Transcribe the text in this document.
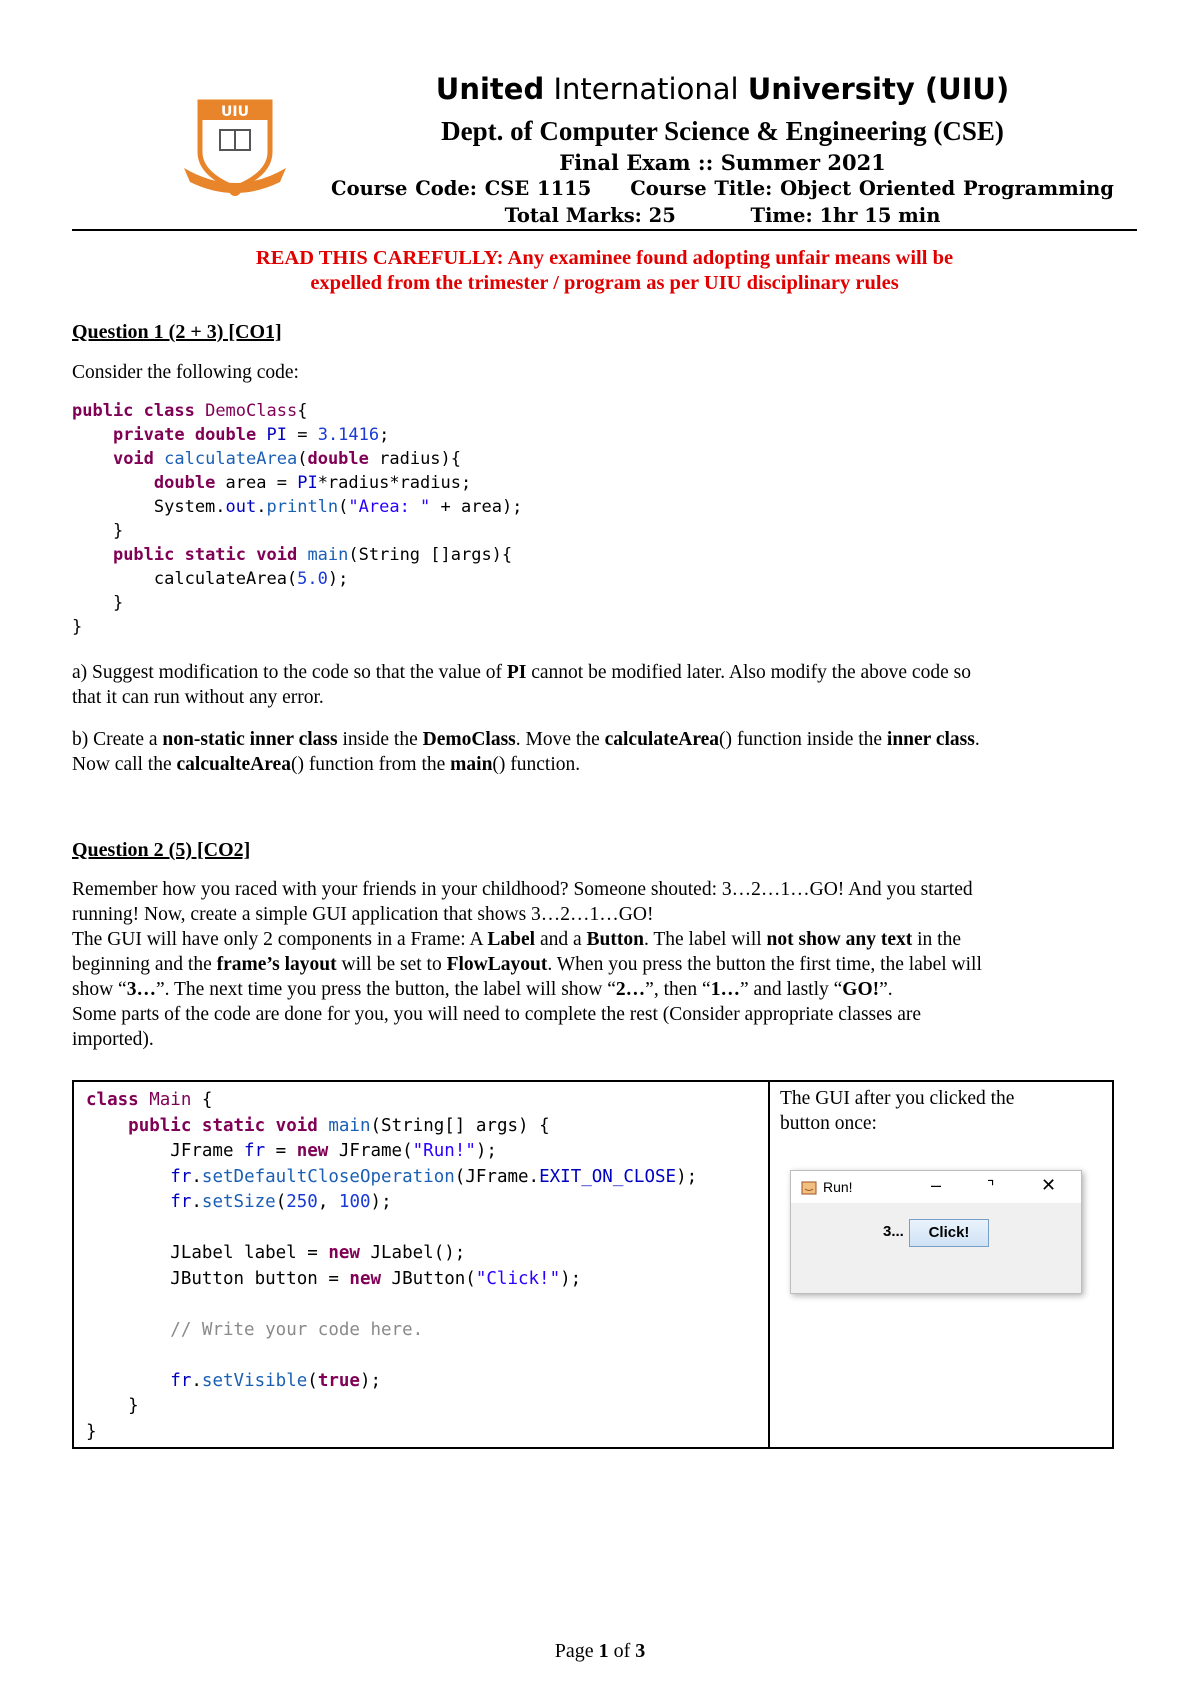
UIU
United International University (UIU)
Dept. of Computer Science & Engineering (CSE)
Final Exam :: Summer 2021
Course Code: CSE 1115 Course Title: Object Oriented Programming
Total Marks: 25	Time: 1hr 15 min
READ THIS CAREFULLY: Any examinee found adopting unfair means will be
expelled from the trimester / program as per UIU disciplinary rules
Question 1 (2 + 3) [CO1]
Consider the following code:
public class DemoClass{
private double PI = 3.1416;
void calculateArea(double radius){
double area = PI*radius*radius;
System.out.println("Area: " + area);
}
public static void main(String []args){
calculateArea(5.0);
}
}
a) Suggest modification to the code so that the value of PI cannot be modified later. Also modify the above code so
that it can run without any error.
b) Create a non-static inner class inside the DemoClass. Move the calculateArea() function inside the inner class.
Now call the calcualteArea() function from the main() function.
Question 2 (5) [CO2]
Remember how you raced with your friends in your childhood? Someone shouted: 3…2…1…GO! And you started
running! Now, create a simple GUI application that shows 3…2…1…GO!
The GUI will have only 2 components in a Frame: A Label and a Button. The label will not show any text in the
beginning and the frame’s layout will be set to FlowLayout. When you press the button the first time, the label will
show “3…”. The next time you press the button, the label will show “2…”, then “1…” and lastly “GO!”.
Some parts of the code are done for you, you will need to complete the rest (Consider appropriate classes are
imported).

class Main {
public static void main(String[] args) {
JFrame fr = new JFrame("Run!");
fr.setDefaultCloseOperation(JFrame.EXIT_ON_CLOSE);
fr.setSize(250, 100);

JLabel label = new JLabel();
JButton button = new JButton("Click!");

// Write your code here.

fr.setVisible(true);
}
}
The GUI after you clicked the
button once:
Run!	–	⌝	✕
3...	Click!
Page 1 of 3
